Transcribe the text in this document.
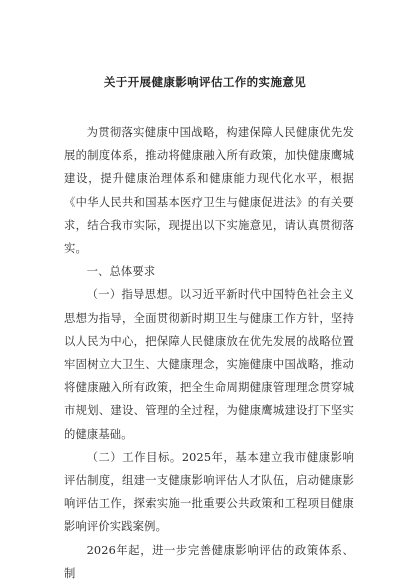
关于开展健康影响评估工作的实施意见

为贯彻落实健康中国战略，构建保障人民健康优先发展的制度体系，推动将健康融入所有政策，加快健康鹰城建设，提升健康治理体系和健康能力现代化水平，根据《中华人民共和国基本医疗卫生与健康促进法》的有关要求，结合我市实际，现提出以下实施意见，请认真贯彻落实。

一、总体要求

（一）指导思想。以习近平新时代中国特色社会主义思想为指导，全面贯彻新时期卫生与健康工作方针，坚持以人民为中心，把保障人民健康放在优先发展的战略位置牢固树立大卫生、大健康理念，实施健康中国战略，推动将健康融入所有政策，把全生命周期健康管理理念贯穿城市规划、建设、管理的全过程，为健康鹰城建设打下坚实的健康基础。

（二）工作目标。2025年，基本建立我市健康影响评估制度，组建一支健康影响评估人才队伍，启动健康影响评估工作，探索实施一批重要公共政策和工程项目健康影响评价实践案例。

2026年起，进一步完善健康影响评估的政策体系、制
